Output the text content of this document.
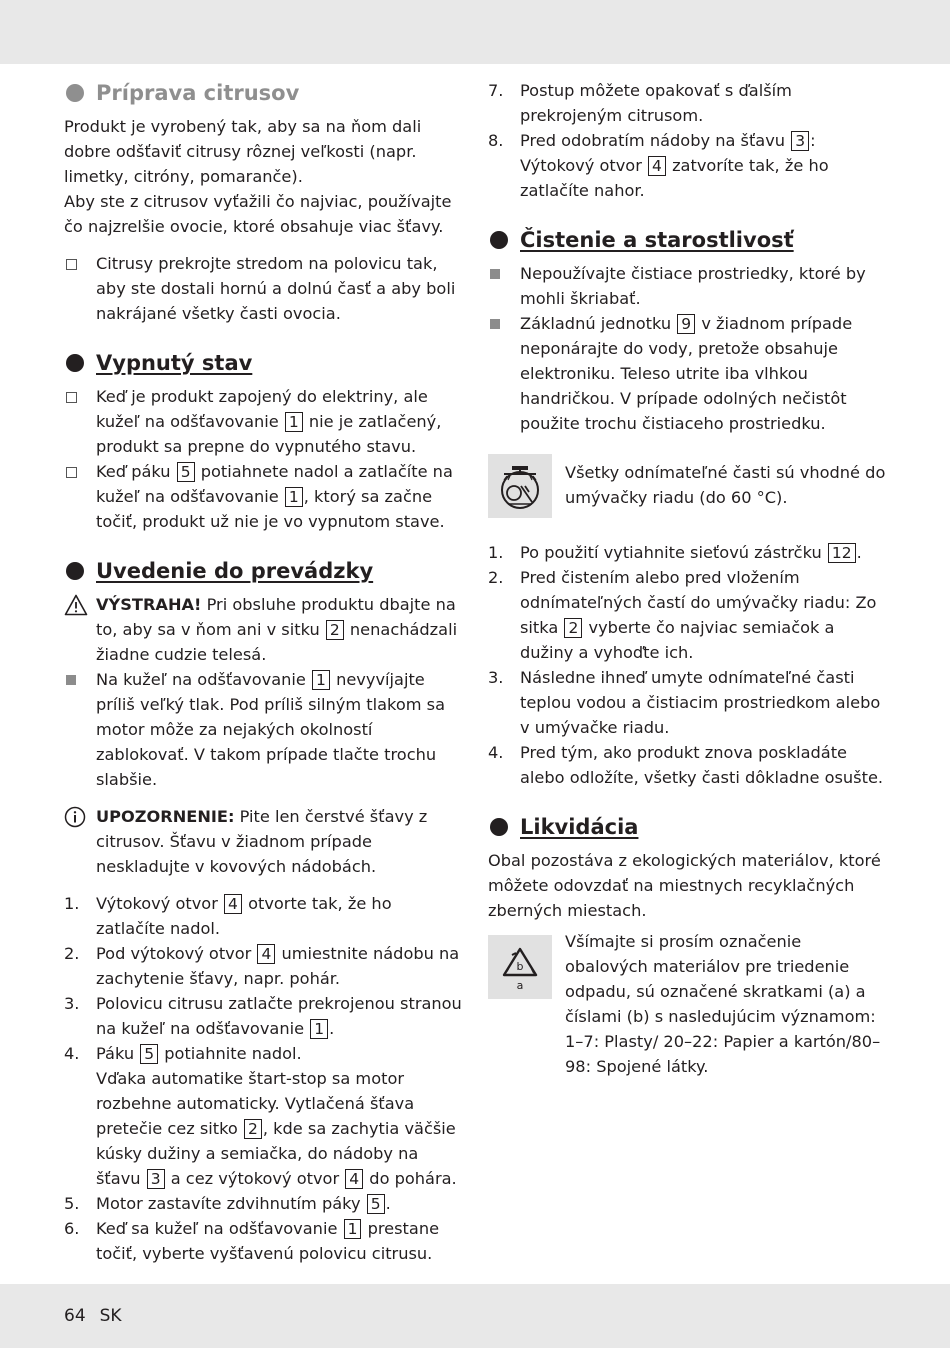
Príprava citrusov

Produkt je vyrobený tak, aby sa na ňom dali dobre odšťaviť citrusy rôznej veľkosti (napr. limetky, citróny, pomaranče).

Aby ste z citrusov vyťažili čo najviac, používajte čo najzrelšie ovocie, ktoré obsahuje viac šťavy.

Citrusy prekrojte stredom na polovicu tak, aby ste dostali hornú a dolnú časť a aby boli nakrájané všetky časti ovocia.
Vypnutý stav
Keď je produkt zapojený do elektriny, ale kužeľ na odšťavovanie 1 nie je zatlačený, produkt sa prepne do vypnutého stavu.
Keď páku 5 potiahnete nadol a zatlačíte na kužeľ na odšťavovanie 1 , ktorý sa začne točiť, produkt už nie je vo vypnutom stave.
Uvedenie do prevádzky
VÝSTRAHA! Pri obsluhe produktu dbajte na to, aby sa v ňom ani v sitku 2 nenachádzali žiadne cudzie telesá.
Na kužeľ na odšťavovanie 1 nevyvíjajte príliš veľký tlak. Pod príliš silným tlakom sa motor môže za nejakých okolností zablokovať. V takom prípade tlačte trochu slabšie.
UPOZORNENIE: Pite len čerstvé šťavy z citrusov. Šťavu v žiadnom prípade neskladujte v kovových nádobách.
1. Výtokový otvor 4 otvorte tak, že ho zatlačíte nadol.
2. Pod výtokový otvor 4 umiestnite nádobu na zachytenie šťavy, napr. pohár.
3. Polovicu citrusu zatlačte prekrojenou stranou na kužeľ na odšťavovanie 1 .
4. Páku 5 potiahnite nadol.
Vďaka automatike štart-stop sa motor rozbehne automaticky. Vytlačená šťava pretečie cez sitko 2 , kde sa zachytia väčšie kúsky dužiny a semiačka, do nádoby na šťavu 3 a cez výtokový otvor 4 do pohára.
5. Motor zastavíte zdvihnutím páky 5 .
6. Keď sa kužeľ na odšťavovanie 1 prestane točiť, vyberte vyšťavenú polovicu citrusu.
7. Postup môžete opakovať s ďalším prekrojeným citrusom.
8. Pred odobratím nádoby na šťavu 3 : Výtokový otvor 4 zatvoríte tak, že ho zatlačíte nahor.
Čistenie a starostlivosť
Nepoužívajte čistiace prostriedky, ktoré by mohli škriabať.
Základnú jednotku 9 v žiadnom prípade neponárajte do vody, pretože obsahuje elektroniku. Teleso utrite iba vlhkou handričkou. V prípade odolných nečistôt použite trochu čistiaceho prostriedku.
Všetky odnímateľné časti sú vhodné do umývačky riadu (do 60 °C).
1. Po použití vytiahnite sieťovú zástrčku 12 .
2. Pred čistením alebo pred vložením odnímateľných častí do umývačky riadu: Zo sitka 2 vyberte čo najviac semiačok a dužiny a vyhoďte ich.
3. Následne ihneď umyte odnímateľné časti teplou vodou a čistiacim prostriedkom alebo v umývačke riadu.
4. Pred tým, ako produkt znova poskladáte alebo odložíte, všetky časti dôkladne osušte.
Likvidácia

Obal pozostáva z ekologických materiálov, ktoré môžete odovzdať na miestnych recyklačných zberných miestach.

b
a
Všímajte si prosím označenie obalových materiálov pre triedenie odpadu, sú označené skratkami (a) a číslami (b) s nasledujúcim významom: 1–7: Plasty/ 20–22: Papier a kartón/80–98: Spojené látky.
64 SK
